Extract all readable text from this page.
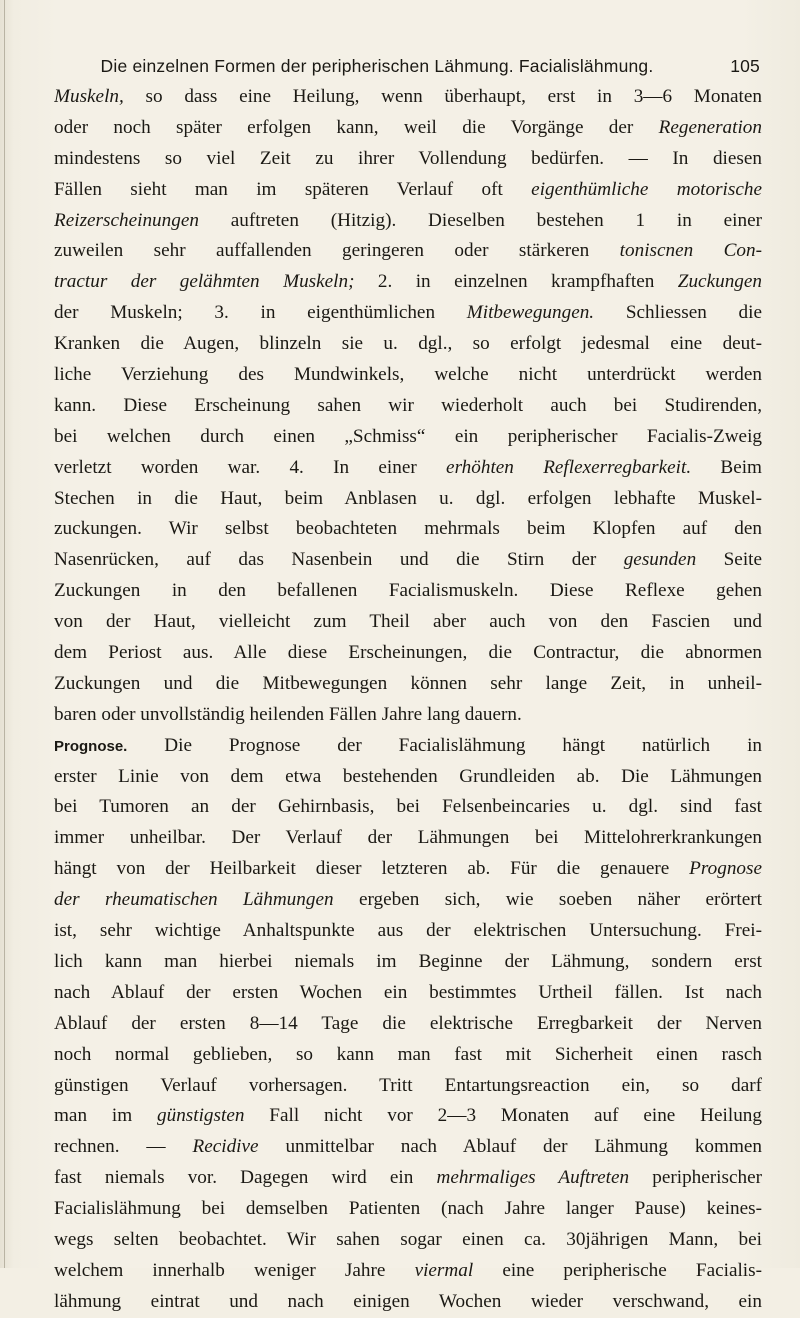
Die einzelnen Formen der peripherischen Lähmung. Facialislähmung.	105
Muskeln, so dass eine Heilung, wenn überhaupt, erst in 3—6 Monaten
oder noch später erfolgen kann, weil die Vorgänge der Regeneration
mindestens so viel Zeit zu ihrer Vollendung bedürfen. — In diesen
Fällen sieht man im späteren Verlauf oft eigenthümliche motorische
Reizerscheinungen auftreten (Hitzig). Dieselben bestehen 1 in einer
zuweilen sehr auffallenden geringeren oder stärkeren toniscnen Con-
tractur der gelähmten Muskeln; 2. in einzelnen krampfhaften Zuckungen
der Muskeln; 3. in eigenthümlichen Mitbewegungen. Schliessen die
Kranken die Augen, blinzeln sie u. dgl., so erfolgt jedesmal eine deut-
liche Verziehung des Mundwinkels, welche nicht unterdrückt werden
kann. Diese Erscheinung sahen wir wiederholt auch bei Studirenden,
bei welchen durch einen „Schmiss“ ein peripherischer Facialis-Zweig
verletzt worden war. 4. In einer erhöhten Reflexerregbarkeit. Beim
Stechen in die Haut, beim Anblasen u. dgl. erfolgen lebhafte Muskel-
zuckungen. Wir selbst beobachteten mehrmals beim Klopfen auf den
Nasenrücken, auf das Nasenbein und die Stirn der gesunden Seite
Zuckungen in den befallenen Facialismuskeln. Diese Reflexe gehen
von der Haut, vielleicht zum Theil aber auch von den Fascien und
dem Periost aus. Alle diese Erscheinungen, die Contractur, die abnormen
Zuckungen und die Mitbewegungen können sehr lange Zeit, in unheil-
baren oder unvollständig heilenden Fällen Jahre lang dauern.
Prognose. Die Prognose der Facialislähmung hängt natürlich in
erster Linie von dem etwa bestehenden Grundleiden ab. Die Lähmungen
bei Tumoren an der Gehirnbasis, bei Felsenbeincaries u. dgl. sind fast
immer unheilbar. Der Verlauf der Lähmungen bei Mittelohrerkrankungen
hängt von der Heilbarkeit dieser letzteren ab. Für die genauere Prognose
der rheumatischen Lähmungen ergeben sich, wie soeben näher erörtert
ist, sehr wichtige Anhaltspunkte aus der elektrischen Untersuchung. Frei-
lich kann man hierbei niemals im Beginne der Lähmung, sondern erst
nach Ablauf der ersten Wochen ein bestimmtes Urtheil fällen. Ist nach
Ablauf der ersten 8—14 Tage die elektrische Erregbarkeit der Nerven
noch normal geblieben, so kann man fast mit Sicherheit einen rasch
günstigen Verlauf vorhersagen. Tritt Entartungsreaction ein, so darf
man im günstigsten Fall nicht vor 2—3 Monaten auf eine Heilung
rechnen. — Recidive unmittelbar nach Ablauf der Lähmung kommen
fast niemals vor. Dagegen wird ein mehrmaliges Auftreten peripherischer
Facialislähmung bei demselben Patienten (nach Jahre langer Pause) keines-
wegs selten beobachtet. Wir sahen sogar einen ca. 30jährigen Mann, bei
welchem innerhalb weniger Jahre viermal eine peripherische Facialis-
lähmung eintrat und nach einigen Wochen wieder verschwand, ein
